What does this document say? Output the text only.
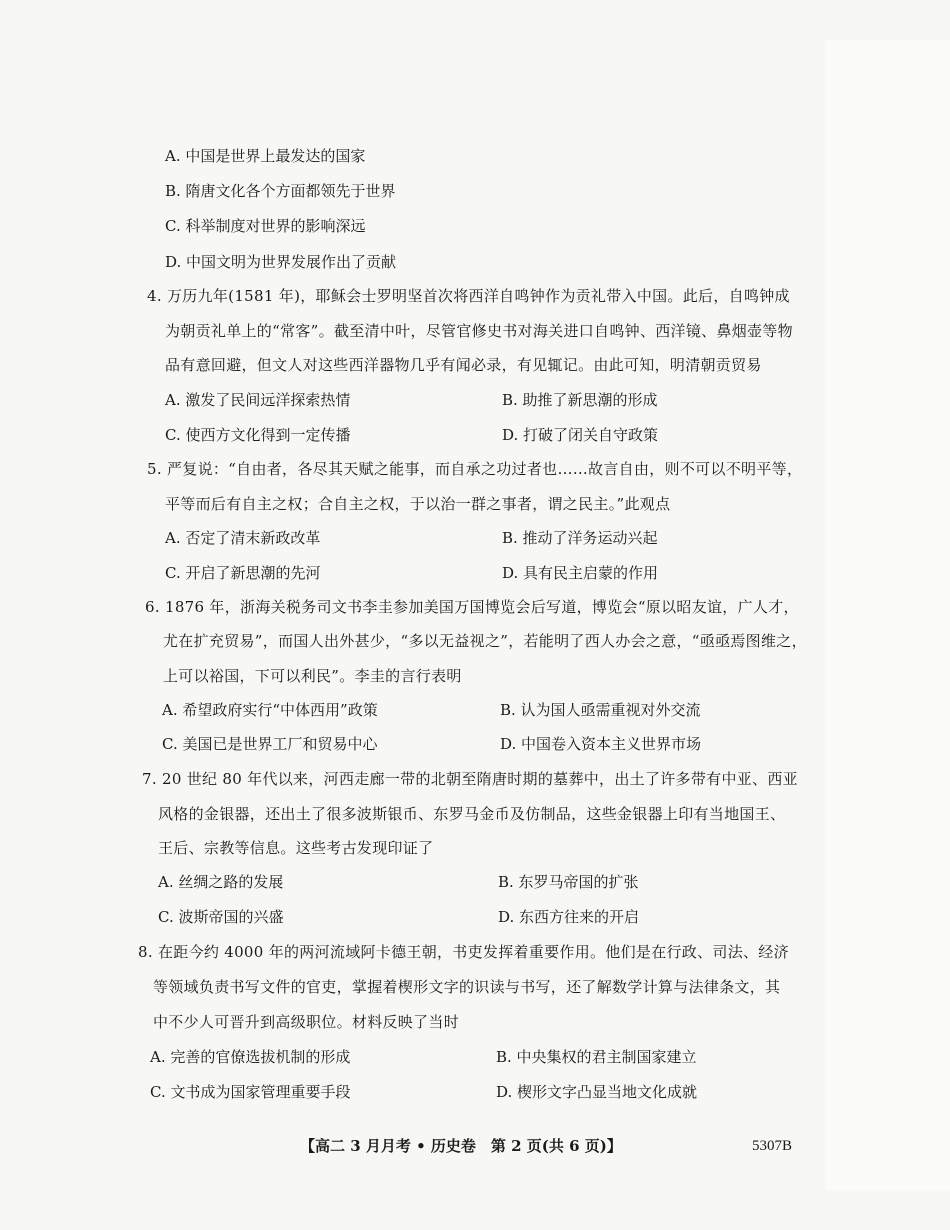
A. 中国是世界上最发达的国家
B. 隋唐文化各个方面都领先于世界
C. 科举制度对世界的影响深远
D. 中国文明为世界发展作出了贡献
4. 万历九年(1581 年)，耶稣会士罗明坚首次将西洋自鸣钟作为贡礼带入中国。此后，自鸣钟成
为朝贡礼单上的“常客”。截至清中叶，尽管官修史书对海关进口自鸣钟、西洋镜、鼻烟壶等物
品有意回避，但文人对这些西洋器物几乎有闻必录，有见辄记。由此可知，明清朝贡贸易
A. 激发了民间远洋探索热情	B. 助推了新思潮的形成
C. 使西方文化得到一定传播	D. 打破了闭关自守政策
5. 严复说：“自由者，各尽其天赋之能事，而自承之功过者也……故言自由，则不可以不明平等，
平等而后有自主之权；合自主之权，于以治一群之事者，谓之民主。”此观点
A. 否定了清末新政改革	B. 推动了洋务运动兴起
C. 开启了新思潮的先河	D. 具有民主启蒙的作用
6. 1876 年，浙海关税务司文书李圭参加美国万国博览会后写道，博览会“原以昭友谊，广人才，
尤在扩充贸易”，而国人出外甚少，“多以无益视之”，若能明了西人办会之意，“亟亟焉图维之，
上可以裕国，下可以利民”。李圭的言行表明
A. 希望政府实行“中体西用”政策	B. 认为国人亟需重视对外交流
C. 美国已是世界工厂和贸易中心	D. 中国卷入资本主义世界市场
7. 20 世纪 80 年代以来，河西走廊一带的北朝至隋唐时期的墓葬中，出土了许多带有中亚、西亚
风格的金银器，还出土了很多波斯银币、东罗马金币及仿制品，这些金银器上印有当地国王、
王后、宗教等信息。这些考古发现印证了
A. 丝绸之路的发展	B. 东罗马帝国的扩张
C. 波斯帝国的兴盛	D. 东西方往来的开启
8. 在距今约 4000 年的两河流域阿卡德王朝，书吏发挥着重要作用。他们是在行政、司法、经济
等领域负责书写文件的官吏，掌握着楔形文字的识读与书写，还了解数学计算与法律条文，其
中不少人可晋升到高级职位。材料反映了当时
A. 完善的官僚选拔机制的形成	B. 中央集权的君主制国家建立
C. 文书成为国家管理重要手段	D. 楔形文字凸显当地文化成就
【高二 3 月月考 • 历史卷　第 2 页(共 6 页)】	5307B
